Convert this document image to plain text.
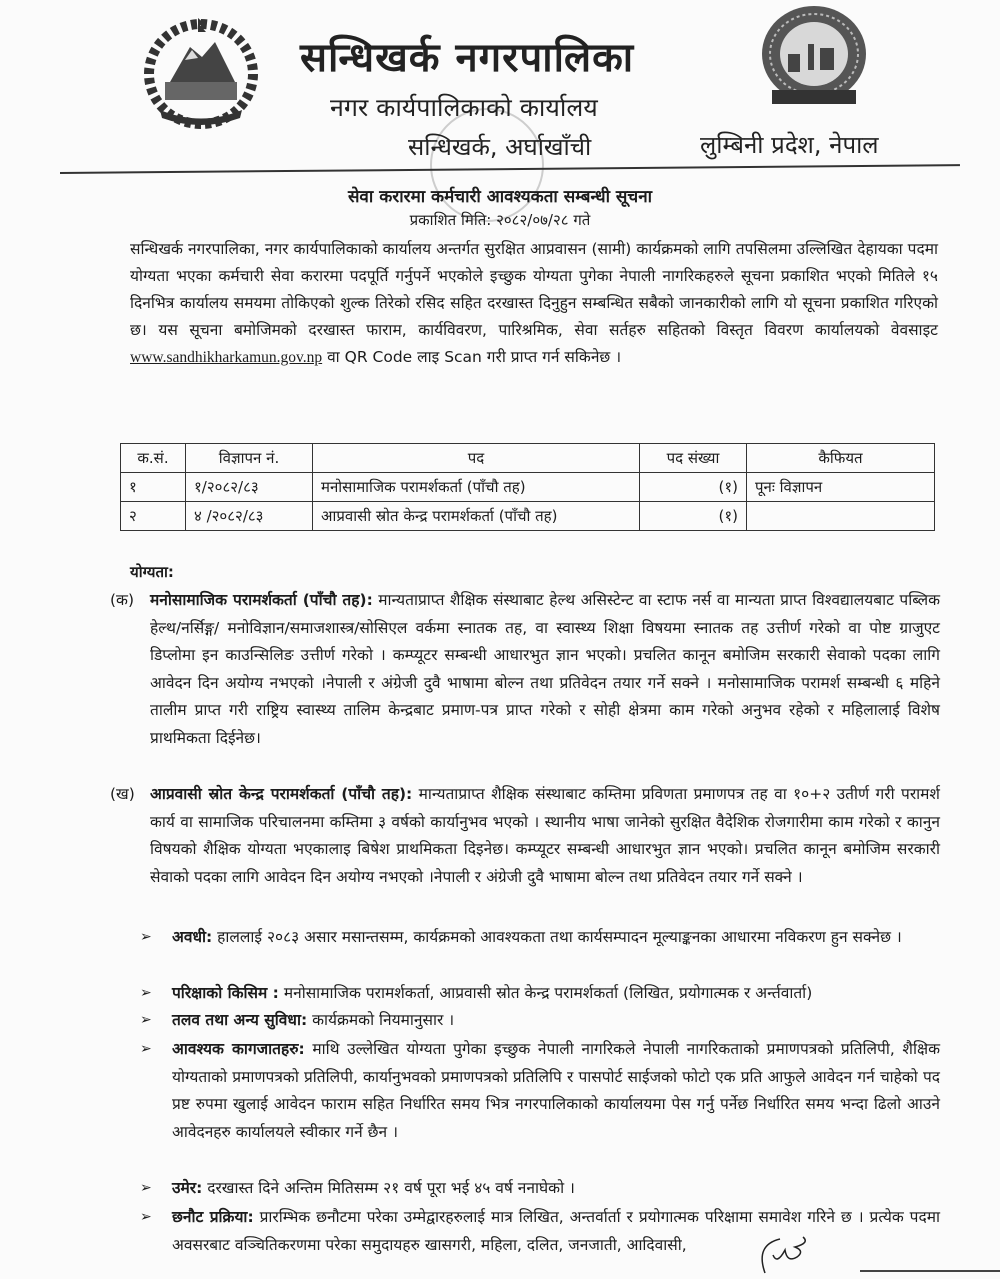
सन्धिखर्क नगरपालिका
नगर कार्यपालिकाको कार्यालय
सन्धिखर्क, अर्घाखाँची	लुम्बिनी प्रदेश, नेपाल
सेवा करारमा कर्मचारी आवश्यकता सम्बन्धी सूचना
प्रकाशित मिति: २०८२/०७/२८ गते
सन्धिखर्क नगरपालिका, नगर कार्यपालिकाको कार्यालय अन्तर्गत सुरक्षित आप्रवासन (सामी) कार्यक्रमको लागि तपसिलमा उल्लिखित देहायका पदमा योग्यता भएका कर्मचारी सेवा करारमा पदपूर्ति गर्नुपर्ने भएकोले इच्छुक योग्यता पुगेका नेपाली नागरिकहरुले सूचना प्रकाशित भएको मितिले १५ दिनभित्र कार्यालय समयमा तोकिएको शुल्क तिरेको रसिद सहित दरखास्त दिनुहुन सम्बन्धित सबैको जानकारीको लागि यो सूचना प्रकाशित गरिएको छ। यस सूचना बमोजिमको दरखास्त फाराम, कार्यविवरण, पारिश्रमिक, सेवा सर्तहरु सहितको विस्तृत विवरण कार्यालयको वेवसाइट www.sandhikharkamun.gov.np वा QR Code लाइ Scan गरी प्राप्त गर्न सकिनेछ ।
क.सं.	विज्ञापन नं.	पद	पद संख्या	कैफियत
१	१/२०८२/८३	मनोसामाजिक परामर्शकर्ता (पाँचौ तह)	(१)	पूनः विज्ञापन
२	४ /२०८२/८३	आप्रवासी स्रोत केन्द्र परामर्शकर्ता (पाँचौ तह)	(१)	
योग्यता:
(क) मनोसामाजिक परामर्शकर्ता (पाँचौ तह): मान्यताप्राप्त शैक्षिक संस्थाबाट हेल्थ असिस्टेन्ट वा स्टाफ नर्स वा मान्यता प्राप्त विश्वद्यालयबाट पब्लिक हेल्थ/नर्सिङ्ग/ मनोविज्ञान/समाजशास्त्र/सोसिएल वर्कमा स्नातक तह, वा स्वास्थ्य शिक्षा विषयमा स्नातक तह उत्तीर्ण गरेको वा पोष्ट ग्राजुएट डिप्लोमा इन काउन्सिलिङ उत्तीर्ण गरेको । कम्प्यूटर सम्बन्धी आधारभुत ज्ञान भएको। प्रचलित कानून बमोजिम सरकारी सेवाको पदका लागि आवेदन दिन अयोग्य नभएको ।नेपाली र अंग्रेजी दुवै भाषामा बोल्न तथा प्रतिवेदन तयार गर्ने सक्ने । मनोसामाजिक परामर्श सम्बन्धी ६ महिने तालीम प्राप्त गरी राष्ट्रिय स्वास्थ्य तालिम केन्द्रबाट प्रमाण-पत्र प्राप्त गरेको र सोही क्षेत्रमा काम गरेको अनुभव रहेको र महिलालाई विशेष प्राथमिकता दिईनेछ।
(ख) आप्रवासी स्रोत केन्द्र परामर्शकर्ता (पाँचौ तह): मान्यताप्राप्त शैक्षिक संस्थाबाट कम्तिमा प्रविणता प्रमाणपत्र तह वा १०+२ उतीर्ण गरी परामर्श कार्य वा सामाजिक परिचालनमा कम्तिमा ३ वर्षको कार्यानुभव भएको । स्थानीय भाषा जानेको सुरक्षित वैदेशिक रोजगारीमा काम गरेको र कानुन विषयको शैक्षिक योग्यता भएकालाइ बिषेश प्राथमिकता दिइनेछ। कम्प्यूटर सम्बन्धी आधारभुत ज्ञान भएको। प्रचलित कानून बमोजिम सरकारी सेवाको पदका लागि आवेदन दिन अयोग्य नभएको ।नेपाली र अंग्रेजी दुवै भाषामा बोल्न तथा प्रतिवेदन तयार गर्ने सक्ने ।
➢ अवधी: हाललाई २०८३ असार मसान्तसम्म, कार्यक्रमको आवश्यकता तथा कार्यसम्पादन मूल्याङ्कनका आधारमा नविकरण हुन सक्नेछ ।
➢ परिक्षाको किसिम : मनोसामाजिक परामर्शकर्ता, आप्रवासी स्रोत केन्द्र परामर्शकर्ता (लिखित, प्रयोगात्मक र अर्न्तवार्ता)
➢ तलव तथा अन्य सुविधा: कार्यक्रमको नियमानुसार ।
➢ आवश्यक कागजातहरु: माथि उल्लेखित योग्यता पुगेका इच्छुक नेपाली नागरिकले नेपाली नागरिकताको प्रमाणपत्रको प्रतिलिपी, शैक्षिक योग्यताको प्रमाणपत्रको प्रतिलिपी, कार्यानुभवको प्रमाणपत्रको प्रतिलिपि र पासपोर्ट साईजको फोटो एक प्रति आफुले आवेदन गर्न चाहेको पद प्रष्ट रुपमा खुलाई आवेदन फाराम सहित निर्धारित समय भित्र नगरपालिकाको कार्यालयमा पेस गर्नु पर्नेछ निर्धारित समय भन्दा ढिलो आउने आवेदनहरु कार्यालयले स्वीकार गर्ने छैन ।
➢ उमेर: दरखास्त दिने अन्तिम मितिसम्म २१ वर्ष पूरा भई ४५ वर्ष ननाघेको ।
➢ छनौट प्रक्रिया: प्रारम्भिक छनौटमा परेका उम्मेद्वारहरुलाई मात्र लिखित, अन्तर्वार्ता र प्रयोगात्मक परिक्षामा समावेश गरिने छ । प्रत्येक पदमा अवसरबाट वञ्चितिकरणमा परेका समुदायहरु खासगरी, महिला, दलित, जनजाती, आदिवासी,
